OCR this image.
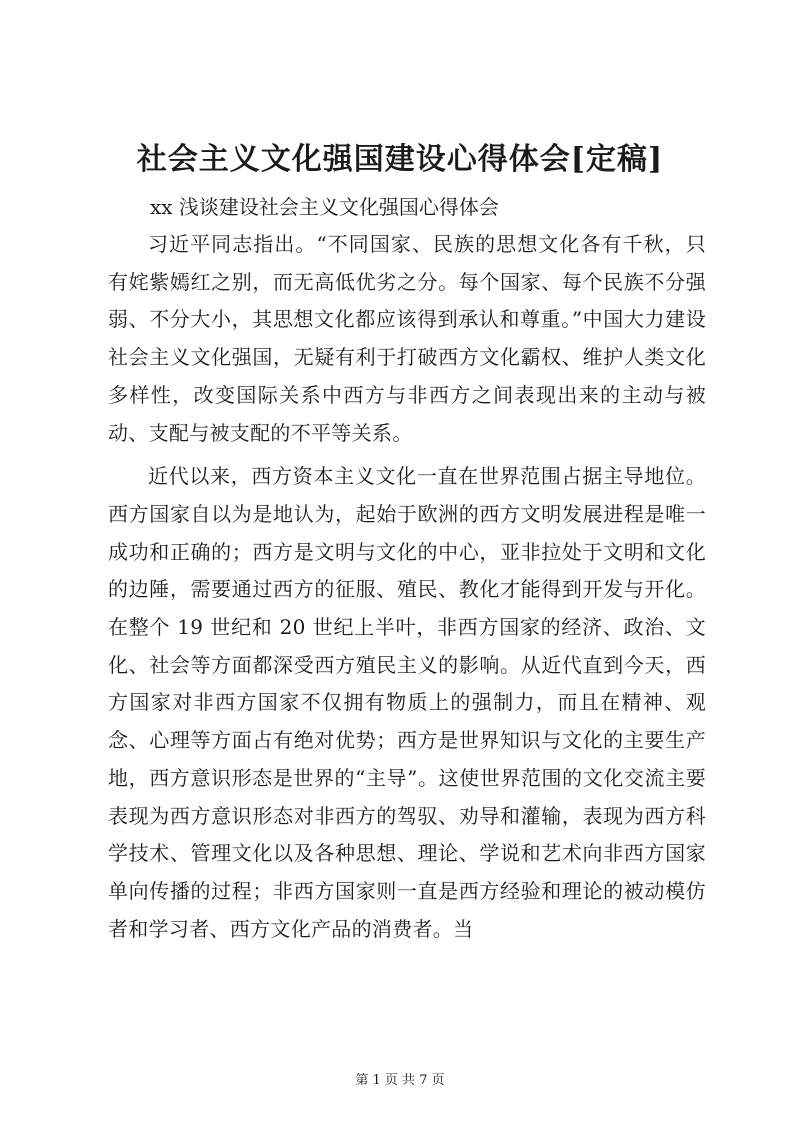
社会主义文化强国建设心得体会[定稿]

xx 浅谈建设社会主义文化强国心得体会

习近平同志指出。“不同国家、民族的思想文化各有千秋，只有姹紫嫣红之别，而无高低优劣之分。每个国家、每个民族不分强弱、不分大小，其思想文化都应该得到承认和尊重。”中国大力建设社会主义文化强国，无疑有利于打破西方文化霸权、维护人类文化多样性，改变国际关系中西方与非西方之间表现出来的主动与被动、支配与被支配的不平等关系。

近代以来，西方资本主义文化一直在世界范围占据主导地位。西方国家自以为是地认为，起始于欧洲的西方文明发展进程是唯一成功和正确的；西方是文明与文化的中心，亚非拉处于文明和文化的边陲，需要通过西方的征服、殖民、教化才能得到开发与开化。在整个 19 世纪和 20 世纪上半叶，非西方国家的经济、政治、文化、社会等方面都深受西方殖民主义的影响。从近代直到今天，西方国家对非西方国家不仅拥有物质上的强制力，而且在精神、观念、心理等方面占有绝对优势；西方是世界知识与文化的主要生产地，西方意识形态是世界的“主导”。这使世界范围的文化交流主要表现为西方意识形态对非西方的驾驭、劝导和灌输，表现为西方科学技术、管理文化以及各种思想、理论、学说和艺术向非西方国家单向传播的过程；非西方国家则一直是西方经验和理论的被动模仿者和学习者、西方文化产品的消费者。当

第 1 页 共 7 页
